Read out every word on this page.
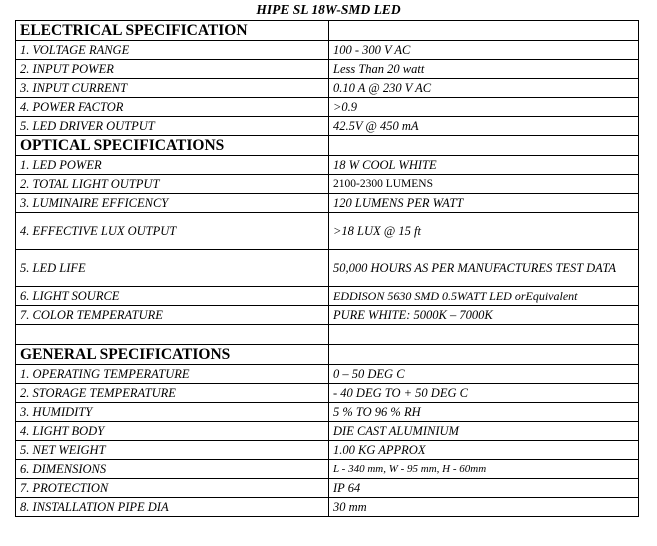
HIPE SL 18W-SMD LED
ELECTRICAL SPECIFICATION	
1. VOLTAGE RANGE	100 - 300 V AC
2. INPUT POWER	Less Than 20 watt
3. INPUT CURRENT	0.10 A @ 230 V AC
4. POWER FACTOR	>0.9
5. LED DRIVER OUTPUT	42.5V @ 450 mA
OPTICAL SPECIFICATIONS	
1. LED POWER	18 W COOL WHITE
2. TOTAL LIGHT OUTPUT	2100-2300 LUMENS
3. LUMINAIRE EFFICENCY	120 LUMENS PER WATT
4. EFFECTIVE LUX OUTPUT	>18 LUX @ 15 ft
5. LED LIFE	50,000 HOURS AS PER MANUFACTURES TEST DATA
6. LIGHT SOURCE	EDDISON 5630 SMD 0.5WATT LED orEquivalent
7. COLOR TEMPERATURE	PURE WHITE: 5000K – 7000K

GENERAL SPECIFICATIONS	
1. OPERATING TEMPERATURE	0 – 50 DEG C
2. STORAGE TEMPERATURE	- 40 DEG TO + 50 DEG C
3. HUMIDITY	5 % TO 96 % RH
4. LIGHT BODY	DIE CAST ALUMINIUM
5. NET WEIGHT	1.00 KG APPROX
6. DIMENSIONS	L - 340 mm, W - 95 mm, H - 60mm
7. PROTECTION	IP 64
8. INSTALLATION PIPE DIA	30 mm
